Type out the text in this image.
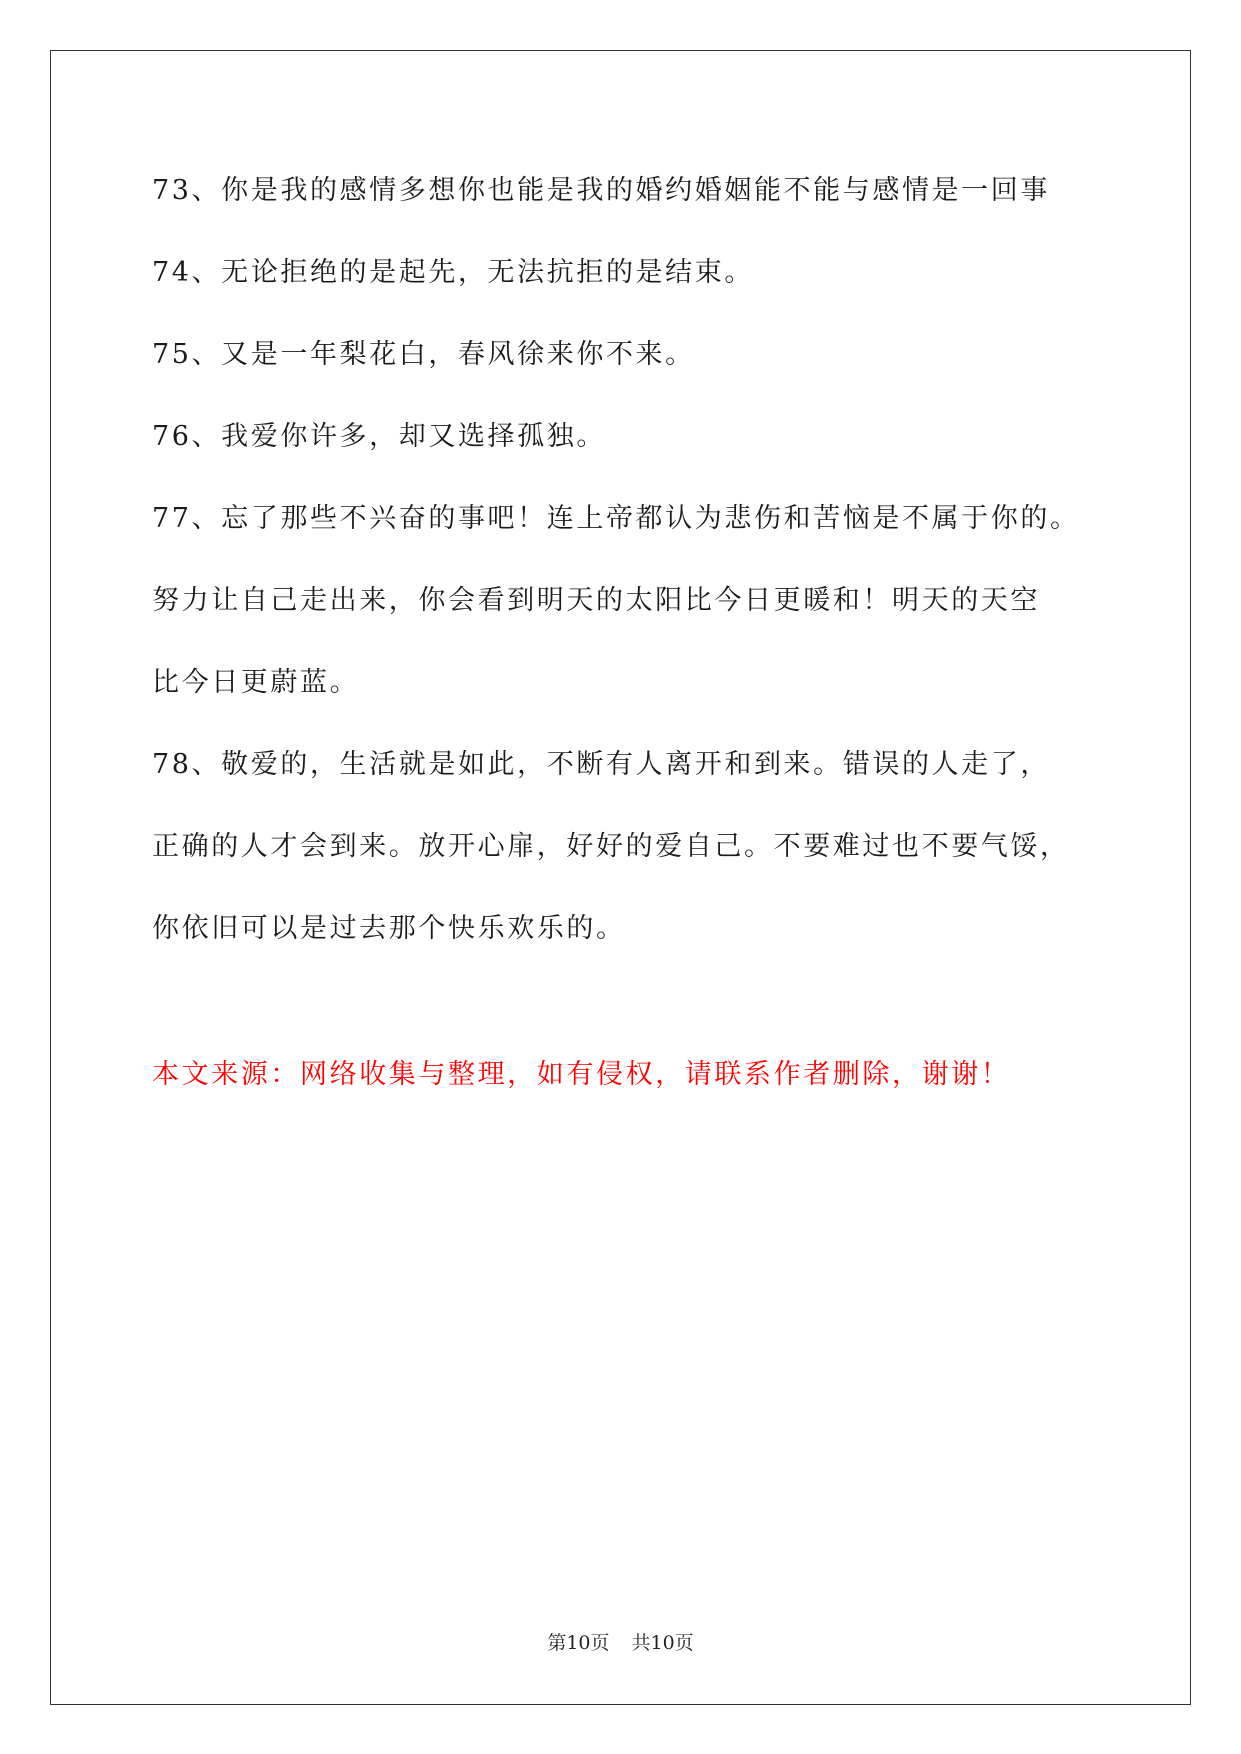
73、你是我的感情多想你也能是我的婚约婚姻能不能与感情是一回事
74、无论拒绝的是起先，无法抗拒的是结束。
75、又是一年梨花白，春风徐来你不来。
76、我爱你许多，却又选择孤独。
77、忘了那些不兴奋的事吧！连上帝都认为悲伤和苦恼是不属于你的。
努力让自己走出来，你会看到明天的太阳比今日更暖和！明天的天空
比今日更蔚蓝。
78、敬爱的，生活就是如此，不断有人离开和到来。错误的人走了，
正确的人才会到来。放开心扉，好好的爱自己。不要难过也不要气馁，
你依旧可以是过去那个快乐欢乐的。
本文来源：网络收集与整理，如有侵权，请联系作者删除，谢谢！
第10页 共10页
